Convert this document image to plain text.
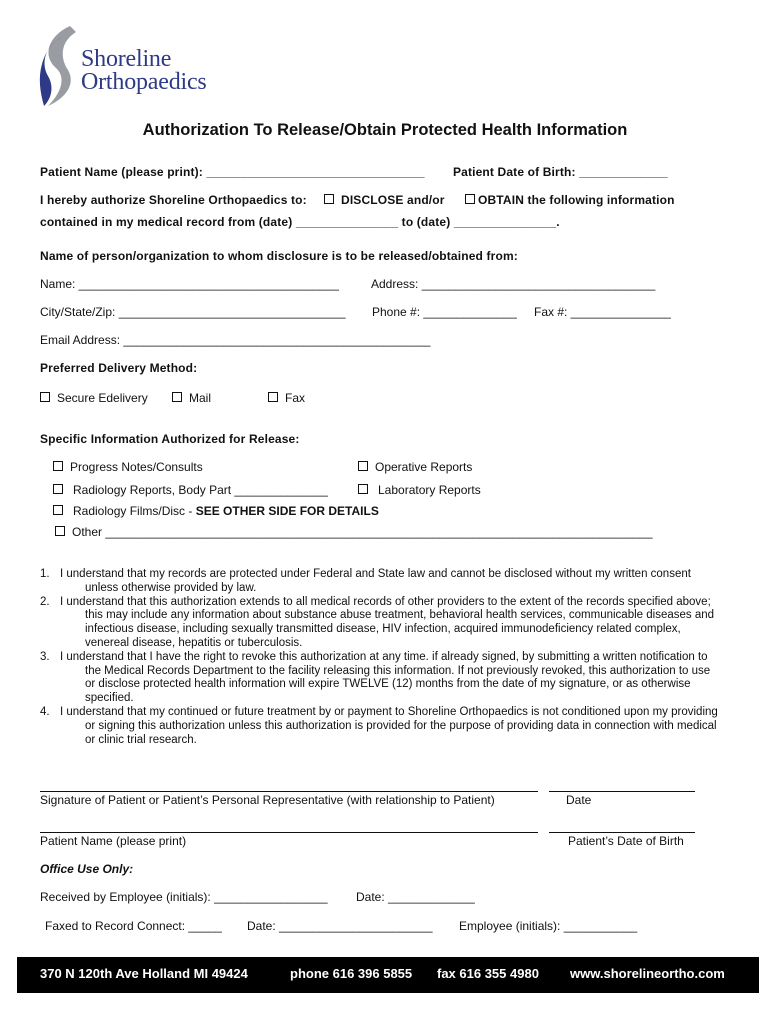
Shoreline
Orthopaedics
Authorization To Release/Obtain Protected Health Information
Patient Name (please print): ________________________________ Patient Date of Birth: _____________
I hereby authorize Shoreline Orthopaedics to:	DISCLOSE and/or	OBTAIN the following information
contained in my medical record from (date) _______________ to (date) _______________.
Name of person/organization to whom disclosure is to be released/obtained from:
Name: _______________________________________	Address: ___________________________________
City/State/Zip: __________________________________ Phone #: ______________ Fax #: _______________
Email Address: ______________________________________________
Preferred Delivery Method:
Secure Edelivery	Mail	Fax
Specific Information Authorized for Release:
Progress Notes/Consults	Operative Reports
Radiology Reports, Body Part ______________	Laboratory Reports
Radiology Films/Disc - SEE OTHER SIDE FOR DETAILS
Other __________________________________________________________________________________
1. I understand that my records are protected under Federal and State law and cannot be disclosed without my written consent unless otherwise provided by law.
2. I understand that this authorization extends to all medical records of other providers to the extent of the records specified above; this may include any information about substance abuse treatment, behavioral health services, communicable diseases and infectious disease, including sexually transmitted disease, HIV infection, acquired immunodeficiency related complex, venereal disease, hepatitis or tuberculosis.
3. I understand that I have the right to revoke this authorization at any time. if already signed, by submitting a written notification to the Medical Records Department to the facility releasing this information. If not previously revoked, this authorization to use or disclose protected health information will expire TWELVE (12) months from the date of my signature, or as otherwise specified.
4. I understand that my continued or future treatment by or payment to Shoreline Orthopaedics is not conditioned upon my providing or signing this authorization unless this authorization is provided for the purpose of providing data in connection with medical or clinic trial research.
Signature of Patient or Patient’s Personal Representative (with relationship to Patient)	Date
Patient Name (please print)	Patient’s Date of Birth
Office Use Only:
Received by Employee (initials): _________________ Date: _____________
Faxed to Record Connect: _____ Date: _______________________ Employee (initials): ___________
370 N 120th Ave Holland MI 49424	phone 616 396 5855 fax 616 355 4980 www.shorelineortho.com
